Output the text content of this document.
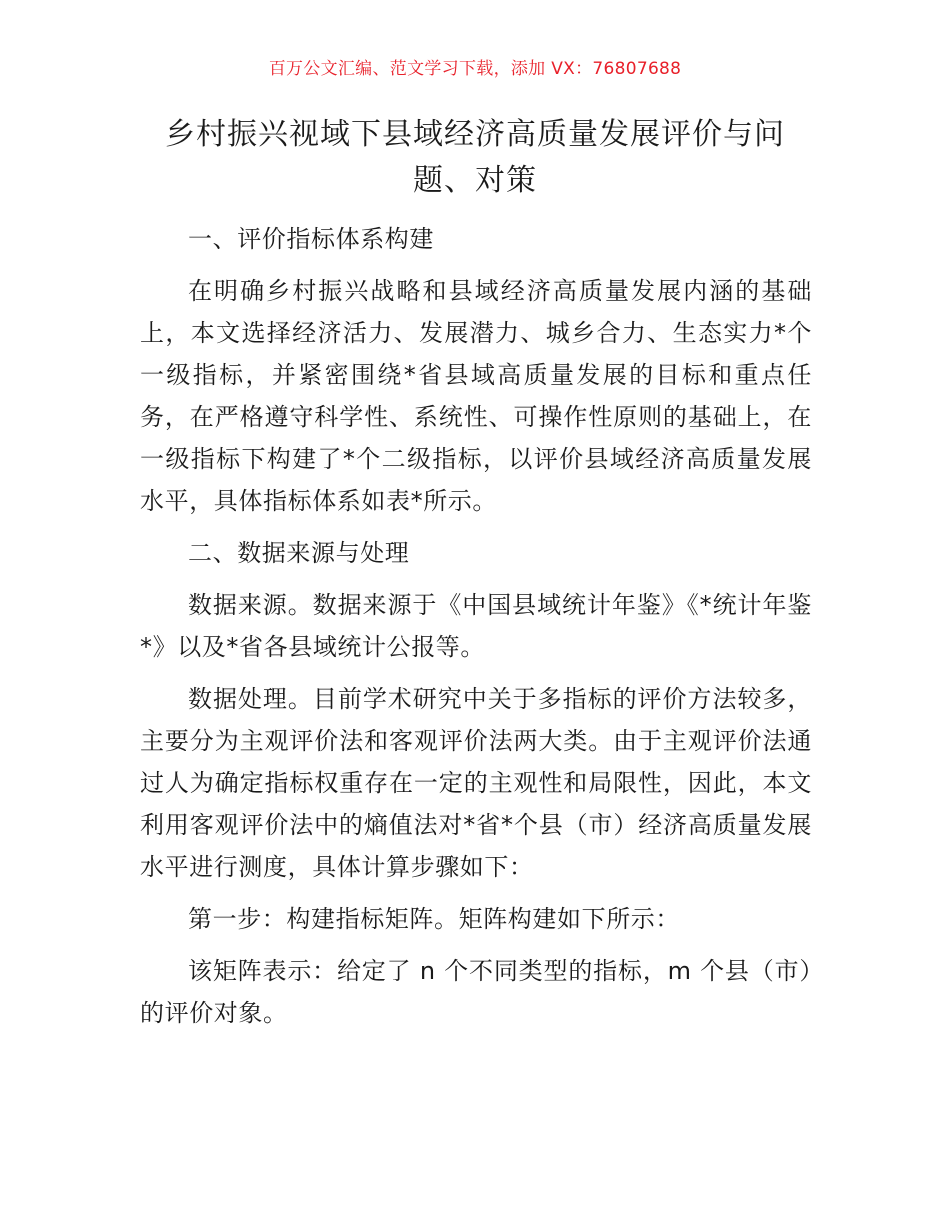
百万公文汇编、范文学习下载，添加 VX：76807688
乡村振兴视域下县域经济高质量发展评价与问题、对策

一、评价指标体系构建

在明确乡村振兴战略和县域经济高质量发展内涵的基础上，本文选择经济活力、发展潜力、城乡合力、生态实力*个一级指标，并紧密围绕*省县域高质量发展的目标和重点任务，在严格遵守科学性、系统性、可操作性原则的基础上，在一级指标下构建了*个二级指标，以评价县域经济高质量发展水平，具体指标体系如表*所示。

二、数据来源与处理

数据来源。数据来源于《中国县域统计年鉴》《*统计年鉴*》以及*省各县域统计公报等。

数据处理。目前学术研究中关于多指标的评价方法较多，主要分为主观评价法和客观评价法两大类。由于主观评价法通过人为确定指标权重存在一定的主观性和局限性，因此，本文利用客观评价法中的熵值法对*省*个县（市）经济高质量发展水平进行测度，具体计算步骤如下：

第一步：构建指标矩阵。矩阵构建如下所示：

该矩阵表示：给定了 n 个不同类型的指标，m 个县（市）的评价对象。
